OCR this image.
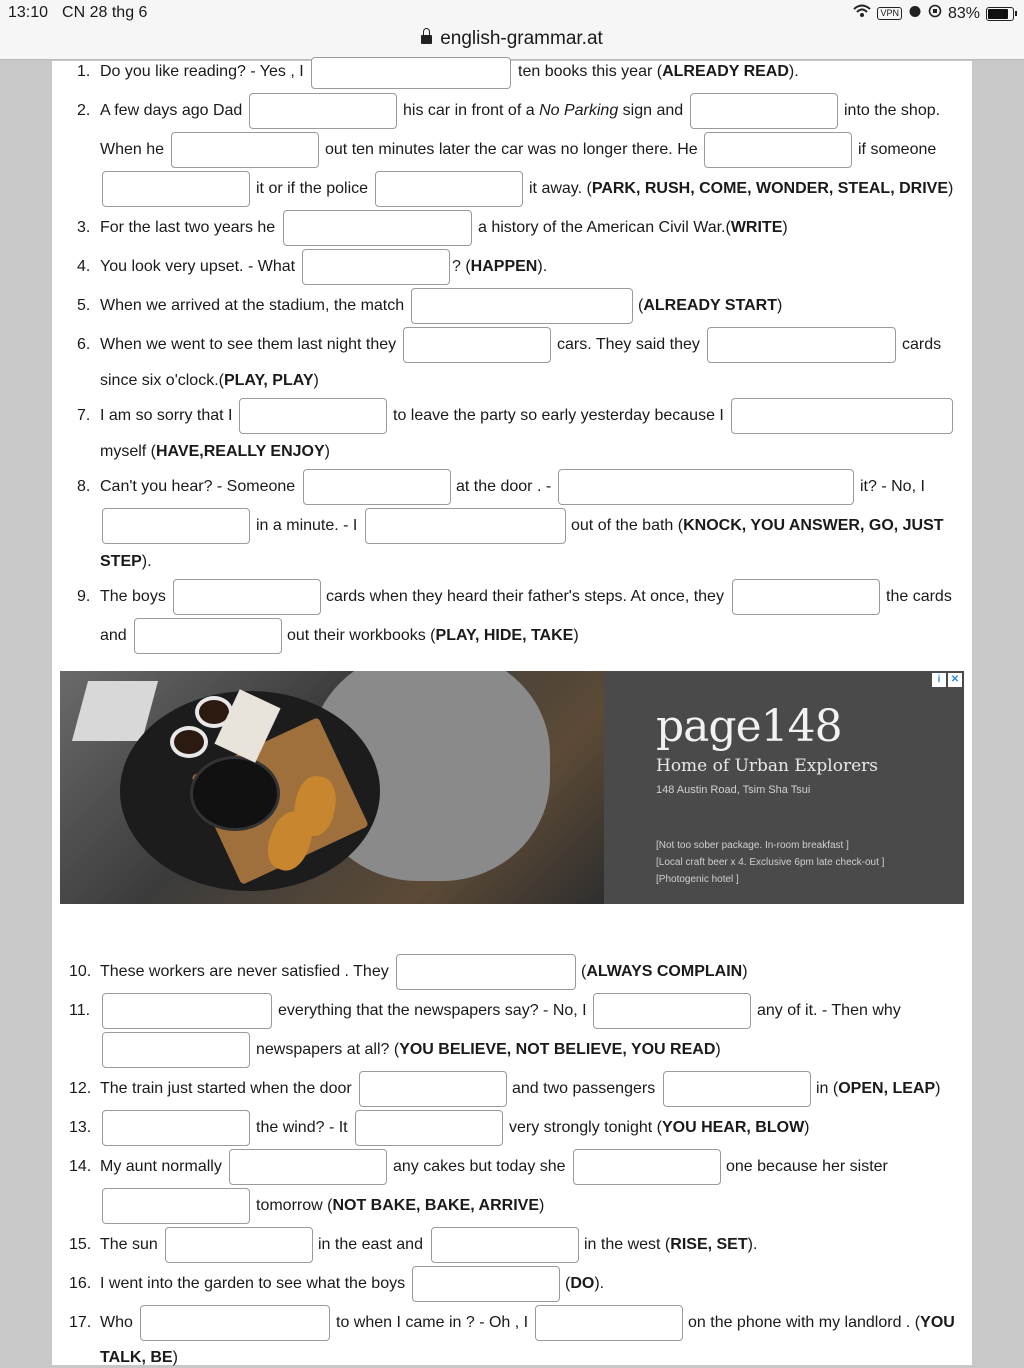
13:10 CN 28 thg 6	VPN	83%
english-grammar.at
1. Do you like reading? - Yes , I	ten books this year (ALREADY READ).
2. A few days ago Dad	his car in front of a No Parking sign and	into the shop.
When he	out ten minutes later the car was no longer there. He	if someone
it or if the police	it away. (PARK, RUSH, COME, WONDER, STEAL, DRIVE)
3. For the last two years he	a history of the American Civil War.(WRITE)
4. You look very upset. - What	? (HAPPEN).
5. When we arrived at the stadium, the match	(ALREADY START)
6. When we went to see them last night they	cars. They said they	cards
since six o'clock.(PLAY, PLAY)
7. I am so sorry that I	to leave the party so early yesterday because I
myself (HAVE,REALLY ENJOY)
8. Can't you hear? - Someone	at the door . -	it? - No, I
in a minute. - I	out of the bath (KNOCK, YOU ANSWER, GO, JUST
STEP).
9. The boys	cards when they heard their father's steps. At once, they	the cards
and	out their workbooks (PLAY, HIDE, TAKE)
page148
Home of Urban Explorers
148 Austin Road, Tsim Sha Tsui
[Not too sober package. In-room breakfast ]
[Local craft beer x 4. Exclusive 6pm late check-out ]
[Photogenic hotel ]
i	✕
10. These workers are never satisfied . They	(ALWAYS COMPLAIN)
11.	everything that the newspapers say? - No, I	any of it. - Then why
newspapers at all? (YOU BELIEVE, NOT BELIEVE, YOU READ)
12. The train just started when the door	and two passengers	in (OPEN, LEAP)
13.	the wind? - It	very strongly tonight (YOU HEAR, BLOW)
14. My aunt normally	any cakes but today she	one because her sister
tomorrow (NOT BAKE, BAKE, ARRIVE)
15. The sun	in the east and	in the west (RISE, SET).
16. I went into the garden to see what the boys	(DO).
17. Who	to when I came in ? - Oh , I	on the phone with my landlord . (YOU
TALK, BE)
